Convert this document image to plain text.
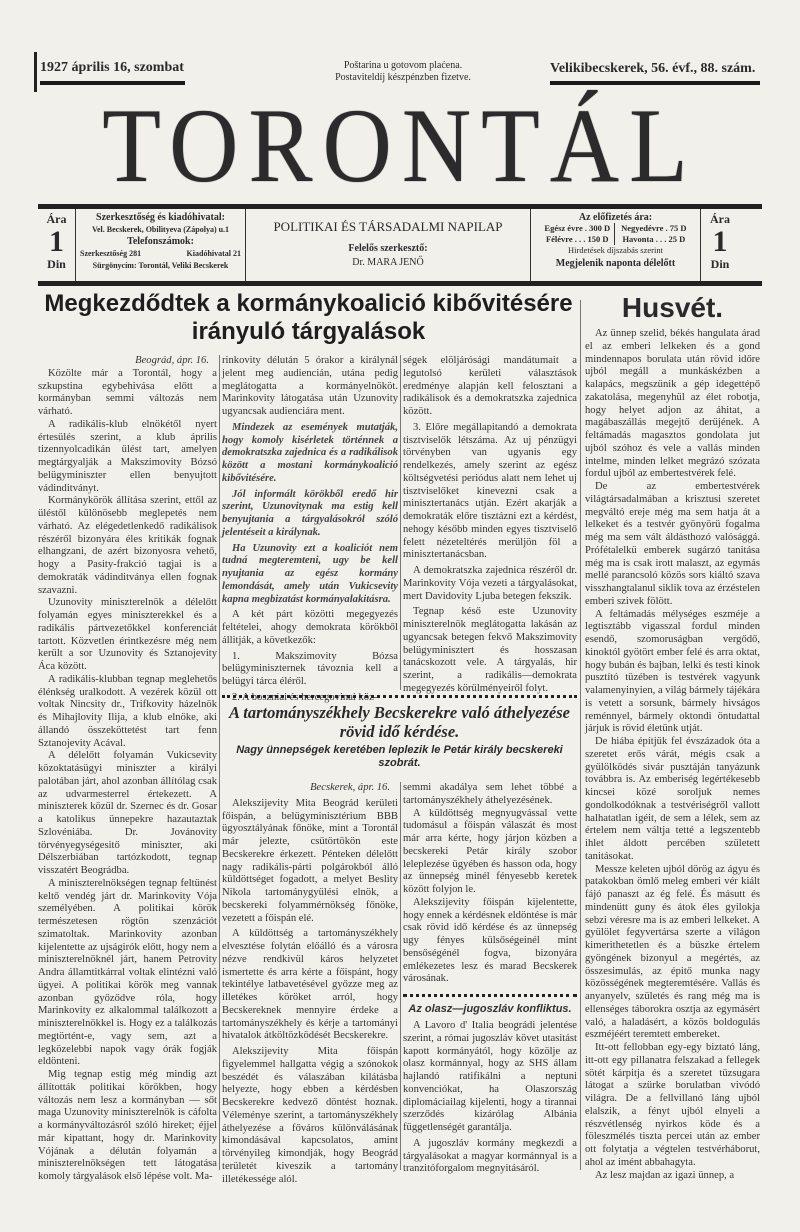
1927 április 16, szombat	Poštarina u gotovom plaćena.
Postaviteldíj készpénzben fizetve.
Velikibecskerek, 56. évf., 88. szám.
TORONTÁL
Ára
1
Din
Szerkesztőség és kiadóhivatal:
Vel. Becskerek, Obilityeva (Zápolya) u.1
Telefonszámok:
Szerkesztőség 281	Kiadóhivatal 21
Sürgönycím: Torontál, Veliki Becskerek
POLITIKAI ÉS TÁRSADALMI NAPILAP
Felelős szerkesztő:
Dr. MARA JENŐ
Az előfizetés ára:
Egész évre . 300 D
Félévre . . . 150 D
Negyedévre . 75 D
Havonta . . . 25 D
Hirdetések díjszabás szerint
Megjelenik naponta délelőtt
Ára
1
Din
Megkezdődtek a kormánykoalició kibővitésére irányuló tárgyalások
Husvét.
Beográd, ápr. 16.

Közölte már a Torontál, hogy a szkupstina egybehivása előtt a kormányban semmi változás nem várható.

A radikális-klub elnökétől nyert értesülés szerint, a klub április tizennyolcadikán ülést tart, amelyen megtárgyalják a Makszimovity Bózsó belügyminiszter ellen benyujtott vádinditványt.

Kormánykörök állítása szerint, ettől az üléstől különösebb meglepetés nem várható. Az elégedetlenkedő radikálisok részéről bizonyára éles kritikák fognak elhangzani, de azért bizonyosra vehető, hogy a Pasity-frakció tagjai is a demokraták vádinditványa ellen fognak szavazni.

Uzunovity miniszterelnök a délelőtt folyamán egyes miniszterekkel és a radikális pártvezetőkkel konferenciát tartott. Közvetlen érintkezésre még nem került a sor Uzunovity és Sztanojevity Áca között.

A radikális-klubban tegnap meglehetős élénkség uralkodott. A vezérek közül ott voltak Nincsity dr., Trifkovity házelnök és Mihajlovity Ilija, a klub elnöke, aki állandó összeköttetést tart fenn Sztanojevity Acával.

A délelőtt folyamán Vukicsevity közoktatásügyi miniszter a királyi palotában járt, ahol azonban állítólag csak az udvarmesterrel értekezett. A miniszterek közül dr. Szernec és dr. Gosar a katolikus ünnepekre hazautaztak Szlovéniába. Dr. Jovánovity törvényegységesitő miniszter, aki Délszerbiában tartózkodott, tegnap visszatért Beográdba.

A miniszterelnökségen tegnap feltünést keltő vendég járt dr. Marinkovity Vója személyében. A politikai körök természetesen rögtön szenzációt szimatoltak. Marinkovity azonban kijelentette az ujságirók előtt, hogy nem a miniszterelnöknél járt, hanem Petrovity Andra államtitkárral voltak elintézni való ügyei. A politikai körök meg vannak azonban győződve róla, hogy Marinkovity ez alkalommal találkozott a miniszterelnökkel is. Hogy ez a találkozás megtörtént-e, vagy sem, azt a legközelebbi napok vagy órák fogják eldönteni.

Mig tegnap estig még mindig azt állították politikai körökben, hogy változás nem lesz a kormányban — sőt maga Uzunovity miniszterelnök is cáfolta a kormányváltozásról szóló hireket; éjjel már kipattant, hogy dr. Marinkovity Vójának a délután folyamán a miniszterelnökségen tett látogatása komoly tárgyalások első lépése volt. Ma-

rinkovity délután 5 órakor a királynál jelent meg audiencián, utána pedig meglátogatta a kormányelnököt. Marinkovity látogatása után Uzunovity ugyancsak audienciára ment.

Mindezek az események mutatják, hogy komoly kisérletek történnek a demokratszka zajednica és a radikálisok között a mostani kormánykoalició kibővitésére.

Jól informált körökből eredő hir szerint, Uzunovitynak ma estig kell benyujtania a tárgyalásokról szóló jelentéseit a királynak.

Ha Uzunovity ezt a koaliciót nem tudná megteremteni, ugy be kell nyujtania az egész kormány lemondását, amely után Vukicsevity kapna megbizatást kormányalakitásra.

A két párt közötti megegyezés feltételei, ahogy demokrata körökből állitják, a következők:

1. Makszimovity Bózsa belügyminiszternek távoznia kell a belügyi tárca éléről.

2. A boszniai és hercegovinai köz-

ségek elöljárósági mandátumait a legutolsó kerületi választások eredménye alapján kell felosztani a radikálisok és a demokratszka zajednica között.

3. Előre megállapitandó a demokrata tisztviselők létszáma. Az uj pénzügyi törvényben van ugyanis egy rendelkezés, amely szerint az egész költségvetési periódus alatt nem lehet uj tisztviselőket kinevezni csak a minisztertanács utján. Ezért akarják a demokraták előre tisztázni ezt a kérdést, nehogy később minden egyes tisztviselő felett nézeteltérés merüljön föl a minisztertanácsban.

A demokratszka zajednica részéről dr. Marinkovity Vója vezeti a tárgyalásokat, mert Davidovity Ljuba betegen fekszik.

Tegnap késő este Uzunovity miniszterelnök meglátogatta lakásán az ugyancsak betegen fekvő Makszimovity belügyminisztert és hosszasan tanácskozott vele. A tárgyalás, hir szerint, a radikális—demokrata megegyezés körülményeiről folyt.

A tartományszékhely Becskerekre való áthelyezése rövid idő kérdése.
Nagy ünnepségek keretében leplezik le Petár király becskereki szobrát.
Becskerek, ápr. 16.

Alekszijevity Mita Beográd kerületi főispán, a belügyminisztérium BBB ügyosztályának főnöke, mint a Torontál már jelezte, csütörtökön este Becskerekre érkezett. Pénteken délelőtt nagy radikális-párti polgárokból álló küldöttséget fogadott, a melyet Beslity Nikola tartománygyülési elnök, a becskereki folyammérnökség főnöke, vezetett a főispán elé.

A küldöttség a tartományszékhely elvesztése folytán előálló és a városra nézve rendkivül káros helyzetet ismertette és arra kérte a főispánt, hogy tekintélye latbavetésével győzze meg az illetékes köröket arról, hogy Becskereknek mennyire érdeke a tartományszékhely és kérje a tartományi hivatalok átköltözködését Becskerekre.

Alekszijevity Mita főispán figyelemmel hallgatta végig a szónokok beszédét és válaszában kilátásba helyezte, hogy ebben a kérdésben Becskerekre kedvező döntést hoznak. Véleménye szerint, a tartományszékhely áthelyezése a főváros különválásának kimondásával kapcsolatos, amint törvényileg kimondják, hogy Beográd területét kiveszik a tartomány illetékessége alól.

semmi akadálya sem lehet többé a tartományszékhely áthelyezésének.

A küldöttség megnyugvással vette tudomásul a főispán válaszát és most már arra kérte, hogy járjon közben a becskereki Petár király szobor leleplezése ügyében és hasson oda, hogy az ünnepség minél fényesebb keretek között folyjon le.

Alekszijevity főispán kijelentette, hogy ennek a kérdésnek eldöntése is már csak rövid idő kérdése és az ünnepség ugy fényes külsőségeinél mint bensőségénél fogva, bizonyára emlékezetes lesz és marad Becskerek városának.

Az olasz—jugoszláv konfliktus.

A Lavoro d' Italia beográdi jelentése szerint, a római jugoszláv követ utasitást kapott kormányától, hogy közölje az olasz kormánnyal, hogy az SHS állam hajlandó ratifikálni a neptuni konvenciókat, ha Olaszország diplomáciailag kijelenti, hogy a tirannai szerződés kizárólag Albánia függetlenségét garantálja.

A jugoszláv kormány megkezdi a tárgyalásokat a magyar kormánnyal is a tranzitóforgalom megnyitásáról.

Az ünnep szelid, békés hangulata árad el az emberi lelkeken és a gond mindennapos borulata után rövid időre ujból megáll a munkáskézben a kalapács, megszünik a gép idegettépő zakatolása, megenyhül az élet robotja, hogy helyet adjon az áhitat, a magábaszállás megejtő derüjének. A feltámadás magasztos gondolata jut ujból szóhoz és vele a vallás minden intelme, minden lelket megrázó szózata fordul ujból az embertestvérek felé.

De az embertestvérek világtársadalmában a krisztusi szeretet megváltó ereje még ma sem hatja át a lelkeket és a testvér gyönyörü fogalma még ma sem vált áldásthozó valósággá. Prófétalelkü emberek sugárzó tanitása még ma is csak irott malaszt, az egymás mellé parancsoló közös sors kiáltó szava visszhangtalanul siklik tova az érzéstelen emberi szivek fölött.

A feltámadás mélységes eszméje a legtisztább vigasszal fordul minden esendő, szomoruságban vergődő, kinoktól gyötört ember felé és arra oktat, hogy bubán és bajban, lelki és testi kinok pusztító tüzében is testvérek vagyunk valamenyinyien, a világ bármely tájékára is vetett a sorsunk, bármely hivságos reménnyel, bármely oktondi öntudattal járjuk is rövid életünk utját.

De hiába építjük fel évszázadok óta a szeretet erős várát, mégis csak a gyülölködés sivár pusztáján tanyázunk továbbra is. Az emberiség legértékesebb kincsei közé soroljuk nemes gondolkodóknak a testvériségről vallott halhatatlan igéit, de sem a lélek, sem az értelem nem váltja tetté a legszentebb ihlet áldott percében született tanitásokat.

Messze keleten ujból dörög az ágyu és patakokban ömlő meleg emberi vér kiált fájó panaszt az ég felé. És másutt és mindenütt guny és átok éles gyilokja sebzi véresre ma is az emberi lelkeket. A gyülölet fegyvertársa szerte a világon kimerithetetlen és a büszke értelem gyöngének bizonyul a megértés, az összesimulás, az épitő munka nagy közösségének megteremtésére. Vallás és anyanyelv, születés és rang még ma is ellenséges táborokra osztja az egymásért való, a haladásért, a közös boldogulás eszméjéért teremtett embereket.

Itt-ott fellobban egy-egy biztató láng, itt-ott egy pillanatra felszakad a fellegek sötét kárpitja és a szeretet tüzsugara látogat a szürke borulatban vivódó világra. De a fellvillanó láng ujból elalszik, a fényt ujból elnyeli a részvétlenség nyirkos köde és a föleszmélés tiszta percei után az ember ott folytatja a végtelen testvérháborut, ahol az imént abbahagyta.

Az lesz majdan az igazi ünnep, a
